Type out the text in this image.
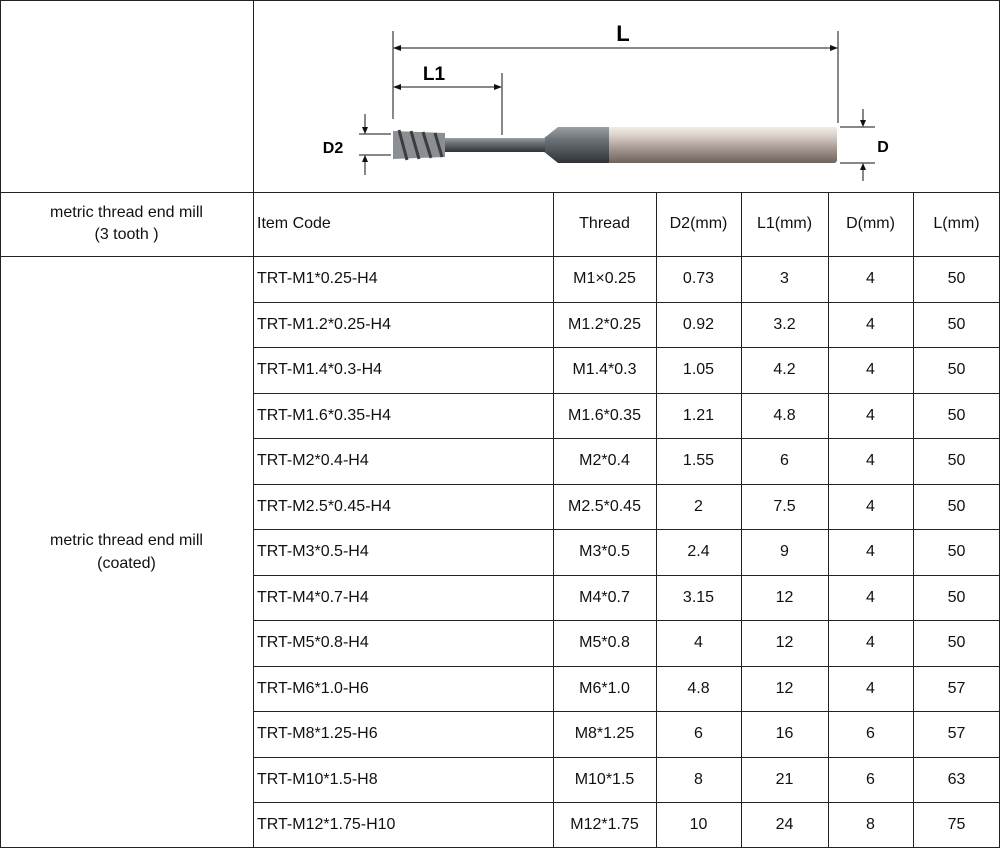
L
L1
D2	D
metric thread end mill
(3 tooth )
Item Code	Thread	D2(mm)	L1(mm)	D(mm)	L(mm)
metric thread end mill
(coated)
TRT-M1*0.25-H4	M1×0.25	0.73	3	4	50
TRT-M1.2*0.25-H4	M1.2*0.25	0.92	3.2	4	50
TRT-M1.4*0.3-H4	M1.4*0.3	1.05	4.2	4	50
TRT-M1.6*0.35-H4	M1.6*0.35	1.21	4.8	4	50
TRT-M2*0.4-H4	M2*0.4	1.55	6	4	50
TRT-M2.5*0.45-H4	M2.5*0.45	2	7.5	4	50
TRT-M3*0.5-H4	M3*0.5	2.4	9	4	50
TRT-M4*0.7-H4	M4*0.7	3.15	12	4	50
TRT-M5*0.8-H4	M5*0.8	4	12	4	50
TRT-M6*1.0-H6	M6*1.0	4.8	12	4	57
TRT-M8*1.25-H6	M8*1.25	6	16	6	57
TRT-M10*1.5-H8	M10*1.5	8	21	6	63
TRT-M12*1.75-H10	M12*1.75	10	24	8	75
